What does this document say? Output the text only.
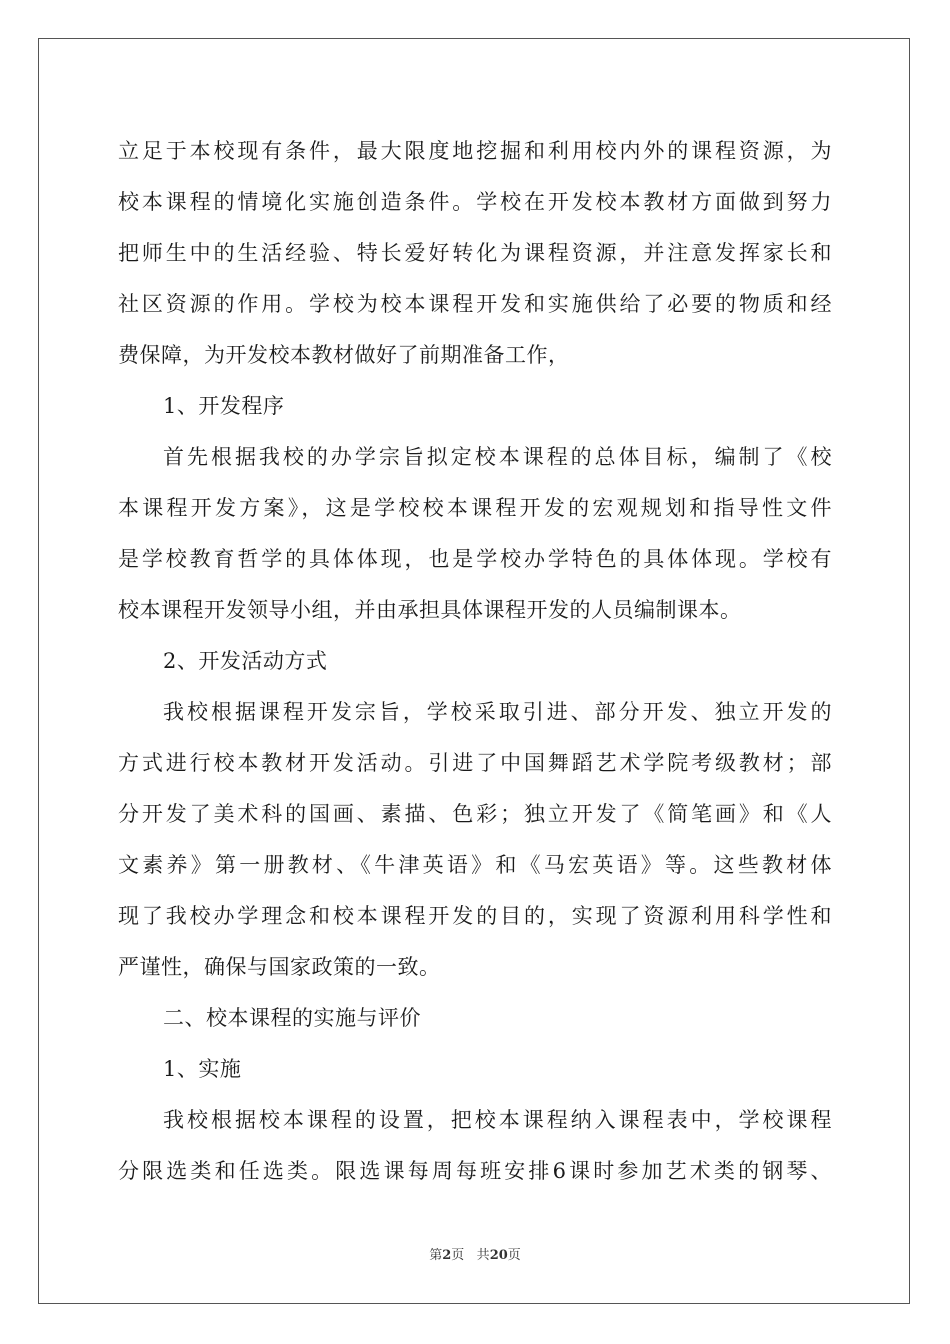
立足于本校现有条件，最大限度地挖掘和利用校内外的课程资源，为
校本课程的情境化实施创造条件。学校在开发校本教材方面做到努力
把师生中的生活经验、特长爱好转化为课程资源，并注意发挥家长和
社区资源的作用。学校为校本课程开发和实施供给了必要的物质和经
费保障，为开发校本教材做好了前期准备工作，
1、开发程序
首先根据我校的办学宗旨拟定校本课程的总体目标，编制了《校
本课程开发方案》，这是学校校本课程开发的宏观规划和指导性文件
是学校教育哲学的具体体现，也是学校办学特色的具体体现。学校有
校本课程开发领导小组，并由承担具体课程开发的人员编制课本。
2、开发活动方式
我校根据课程开发宗旨，学校采取引进、部分开发、独立开发的
方式进行校本教材开发活动。引进了中国舞蹈艺术学院考级教材；部
分开发了美术科的国画、素描、色彩；独立开发了《简笔画》和《人
文素养》第一册教材、《牛津英语》和《马宏英语》等。这些教材体
现了我校办学理念和校本课程开发的目的，实现了资源利用科学性和
严谨性，确保与国家政策的一致。
二、校本课程的实施与评价
1、实施
我校根据校本课程的设置，把校本课程纳入课程表中，学校课程
分限选类和任选类。限选课每周每班安排6课时参加艺术类的钢琴、
第2页 共20页
